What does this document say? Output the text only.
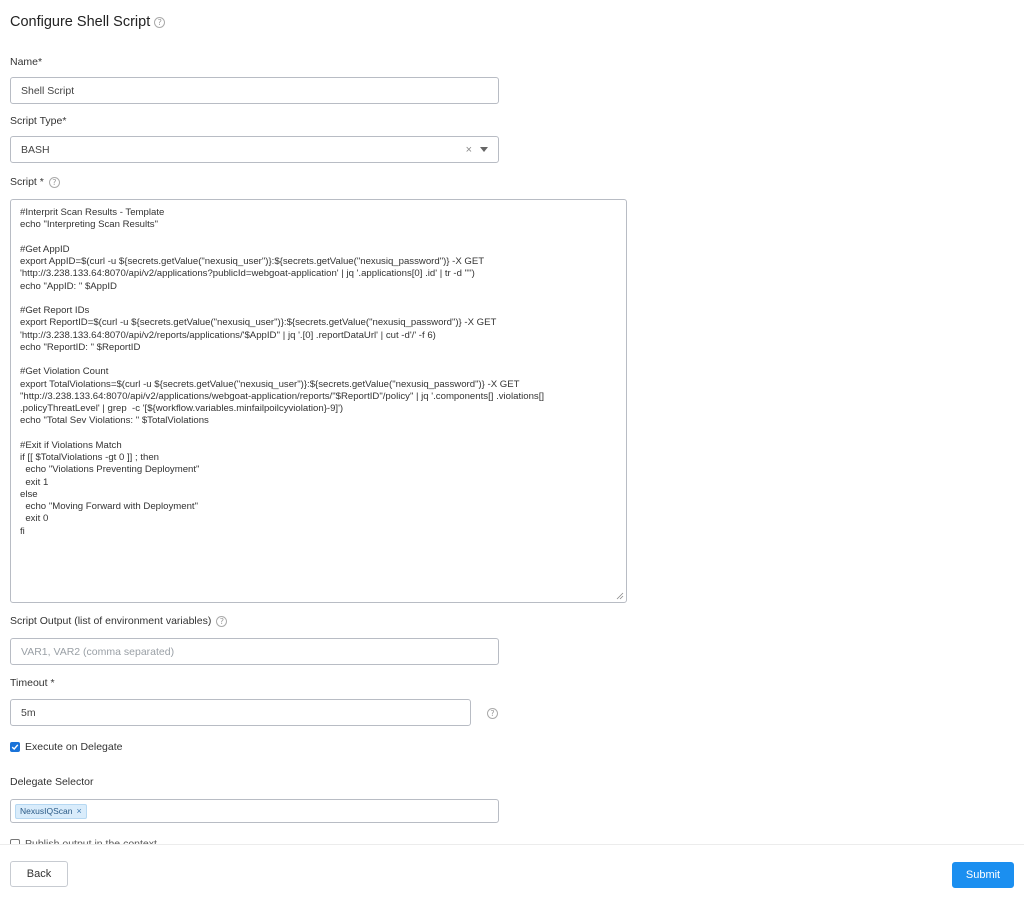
Configure Shell Script ?
Name*
Shell Script
Script Type*
BASH	×
Script *	?
#Interprit Scan Results - Template
echo "Interpreting Scan Results"

#Get AppID
export AppID=$(curl -u ${secrets.getValue("nexusiq_user")}:${secrets.getValue("nexusiq_password")} -X GET 'http://3.238.133.64:8070/api/v2/applications?publicId=webgoat-application' | jq '.applications[0] .id' | tr -d '"')
echo "AppID: " $AppID

#Get Report IDs
export ReportID=$(curl -u ${secrets.getValue("nexusiq_user")}:${secrets.getValue("nexusiq_password")} -X GET 'http://3.238.133.64:8070/api/v2/reports/applications/'$AppID'' | jq '.[0] .reportDataUrl' | cut -d'/' -f 6)
echo "ReportID: " $ReportID

#Get Violation Count
export TotalViolations=$(curl -u ${secrets.getValue("nexusiq_user")}:${secrets.getValue("nexusiq_password")} -X GET "http://3.238.133.64:8070/api/v2/applications/webgoat-application/reports/"$ReportID"/policy" | jq '.components[] .violations[] .policyThreatLevel' | grep  -c '[${workflow.variables.minfailpoilcyviolation}-9]')
echo "Total Sev Violations: " $TotalViolations

#Exit if Violations Match
if [[ $TotalViolations -gt 0 ]] ; then
echo "Violations Preventing Deployment"
exit 1
else
echo "Moving Forward with Deployment"
exit 0
fi
Script Output (list of environment variables)	?
VAR1, VAR2 (comma separated)
Timeout *
5m	?
Execute on Delegate
Delegate Selector
NexusIQScan ×
Back	Submit
